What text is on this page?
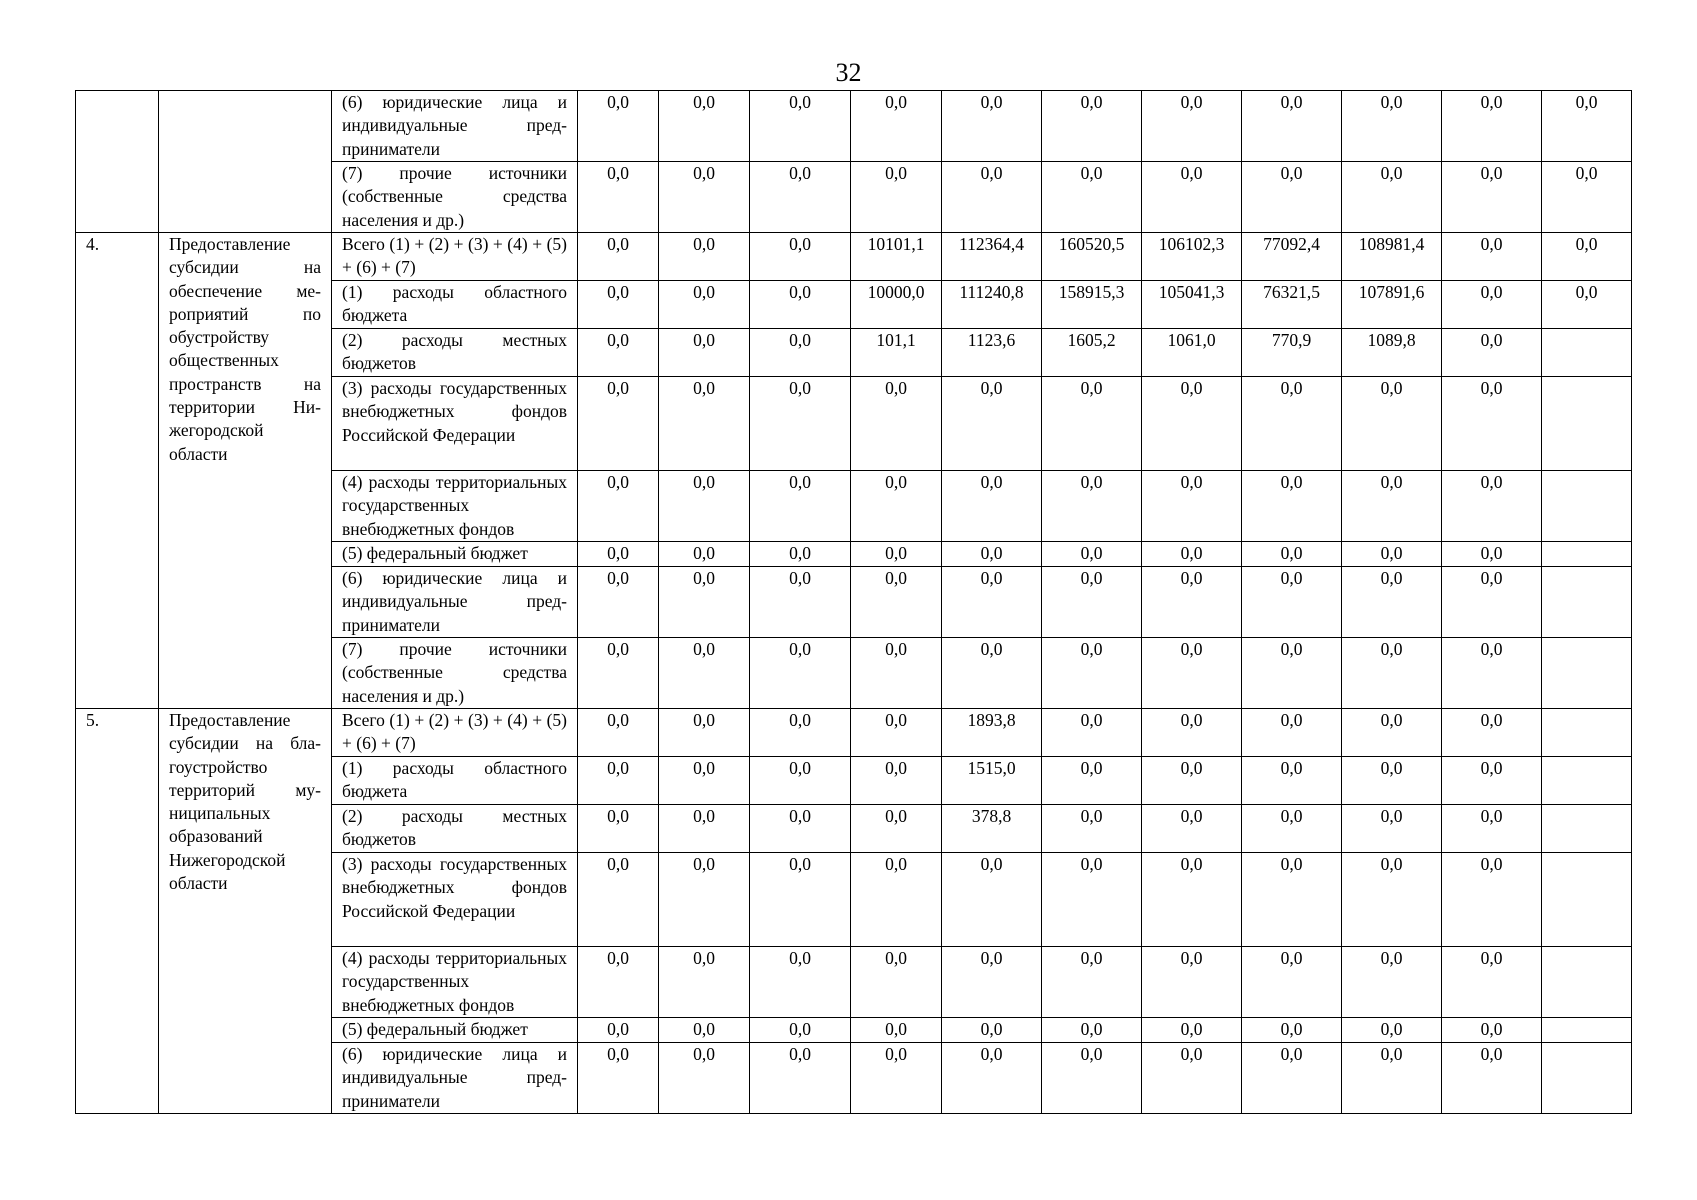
32
		(6) юридические лица и индивидуальные предприниматели	0,0	0,0	0,0	0,0	0,0	0,0	0,0	0,0	0,0	0,0	0,0
		(7) прочие источники (собственные средства населения и др.)	0,0	0,0	0,0	0,0	0,0	0,0	0,0	0,0	0,0	0,0	0,0
4.	Предоставление субсидии на обеспечение мероприятий по обустройству общественных пространств на территории Нижегородской области	Всего (1) + (2) + (3) + (4) + (5) + (6) + (7)	0,0	0,0	0,0	10101,1	112364,4	160520,5	106102,3	77092,4	108981,4	0,0	0,0
		(1) расходы областного бюджета	0,0	0,0	0,0	10000,0	111240,8	158915,3	105041,3	76321,5	107891,6	0,0	0,0
		(2) расходы местных бюджетов	0,0	0,0	0,0	101,1	1123,6	1605,2	1061,0	770,9	1089,8	0,0	
		(3) расходы государственных внебюджетных фондов Российской Федерации	0,0	0,0	0,0	0,0	0,0	0,0	0,0	0,0	0,0	0,0	
		(4) расходы территориальных государственных внебюджетных фондов	0,0	0,0	0,0	0,0	0,0	0,0	0,0	0,0	0,0	0,0	
		(5) федеральный бюджет	0,0	0,0	0,0	0,0	0,0	0,0	0,0	0,0	0,0	0,0	
		(6) юридические лица и индивидуальные предприниматели	0,0	0,0	0,0	0,0	0,0	0,0	0,0	0,0	0,0	0,0	
		(7) прочие источники (собственные средства населения и др.)	0,0	0,0	0,0	0,0	0,0	0,0	0,0	0,0	0,0	0,0	
5.	Предоставление субсидии на благоустройство территорий муниципальных образований Нижегородской области	Всего (1) + (2) + (3) + (4) + (5) + (6) + (7)	0,0	0,0	0,0	0,0	1893,8	0,0	0,0	0,0	0,0	0,0	
		(1) расходы областного бюджета	0,0	0,0	0,0	0,0	1515,0	0,0	0,0	0,0	0,0	0,0	
		(2) расходы местных бюджетов	0,0	0,0	0,0	0,0	378,8	0,0	0,0	0,0	0,0	0,0	
		(3) расходы государственных внебюджетных фондов Российской Федерации	0,0	0,0	0,0	0,0	0,0	0,0	0,0	0,0	0,0	0,0	
		(4) расходы территориальных государственных внебюджетных фондов	0,0	0,0	0,0	0,0	0,0	0,0	0,0	0,0	0,0	0,0	
		(5) федеральный бюджет	0,0	0,0	0,0	0,0	0,0	0,0	0,0	0,0	0,0	0,0	
		(6) юридические лица и индивидуальные предприниматели	0,0	0,0	0,0	0,0	0,0	0,0	0,0	0,0	0,0	0,0	
